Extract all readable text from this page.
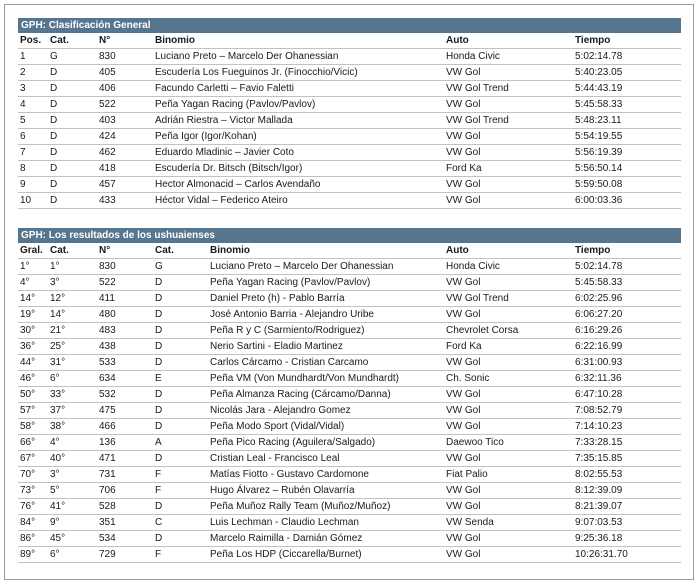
GPH: Clasificación General
Pos.	Cat.	N°	Binomio	Auto	Tiempo
1	G	830	Luciano Preto – Marcelo Der Ohanessian	Honda Civic	5:02:14.78
2	D	405	Escudería Los Fueguinos Jr. (Finocchio/Vicic)	VW Gol	5:40:23.05
3	D	406	Facundo Carletti – Favio Faletti	VW Gol Trend	5:44:43.19
4	D	522	Peña Yagan Racing (Pavlov/Pavlov)	VW Gol	5:45:58.33
5	D	403	Adrián Riestra – Victor Mallada	VW Gol Trend	5:48:23.11
6	D	424	Peña Igor (Igor/Kohan)	VW Gol	5:54:19.55
7	D	462	Eduardo Mladinic – Javier Coto	VW Gol	5:56:19.39
8	D	418	Escudería Dr. Bitsch (Bitsch/Igor)	Ford Ka	5:56:50.14
9	D	457	Hector Almonacid – Carlos Avendaño	VW Gol	5:59:50.08
10	D	433	Héctor Vidal – Federico Ateiro	VW Gol	6:00:03.36
GPH: Los resultados de los ushuaienses
Gral.	Cat.	N°	Cat.	Binomio	Auto	Tiempo
1°	1°	830	G	Luciano Preto – Marcelo Der Ohanessian	Honda Civic	5:02:14.78
4°	3°	522	D	Peña Yagan Racing (Pavlov/Pavlov)	VW Gol	5:45:58.33
14°	12°	411	D	Daniel Preto (h) - Pablo Barría	VW Gol Trend	6:02:25.96
19°	14°	480	D	José Antonio Barria - Alejandro Uribe	VW Gol	6:06:27.20
30°	21°	483	D	Peña R y C (Sarmiento/Rodriguez)	Chevrolet Corsa	6:16:29.26
36°	25°	438	D	Nerio Sartini - Eladio Martinez	Ford Ka	6:22:16.99
44°	31°	533	D	Carlos Cárcamo - Cristian Carcamo	VW Gol	6:31:00.93
46°	6°	634	E	Peña VM (Von Mundhardt/Von Mundhardt)	Ch. Sonic	6:32:11.36
50°	33°	532	D	Peña Almanza Racing (Cárcamo/Danna)	VW Gol	6:47:10.28
57°	37°	475	D	Nicolás Jara - Alejandro Gomez	VW Gol	7:08:52.79
58°	38°	466	D	Peña Modo Sport (Vidal/Vidal)	VW Gol	7:14:10.23
66°	4°	136	A	Peña Pico Racing (Aguilera/Salgado)	Daewoo Tico	7:33:28.15
67°	40°	471	D	Cristian Leal - Francisco Leal	VW Gol	7:35:15.85
70°	3°	731	F	Matías Fiotto - Gustavo Cardomone	Fiat Palio	8:02:55.53
73°	5°	706	F	Hugo Álvarez – Rubén Olavarría	VW Gol	8:12:39.09
76°	41°	528	D	Peña Muñoz Rally Team (Muñoz/Muñoz)	VW Gol	8:21:39.07
84°	9°	351	C	Luis Lechman - Claudio Lechman	VW Senda	9:07:03.53
86°	45°	534	D	Marcelo Raimilla - Damián Gómez	VW Gol	9:25:36.18
89°	6°	729	F	Peña Los HDP (Ciccarella/Burnet)	VW Gol	10:26:31.70
